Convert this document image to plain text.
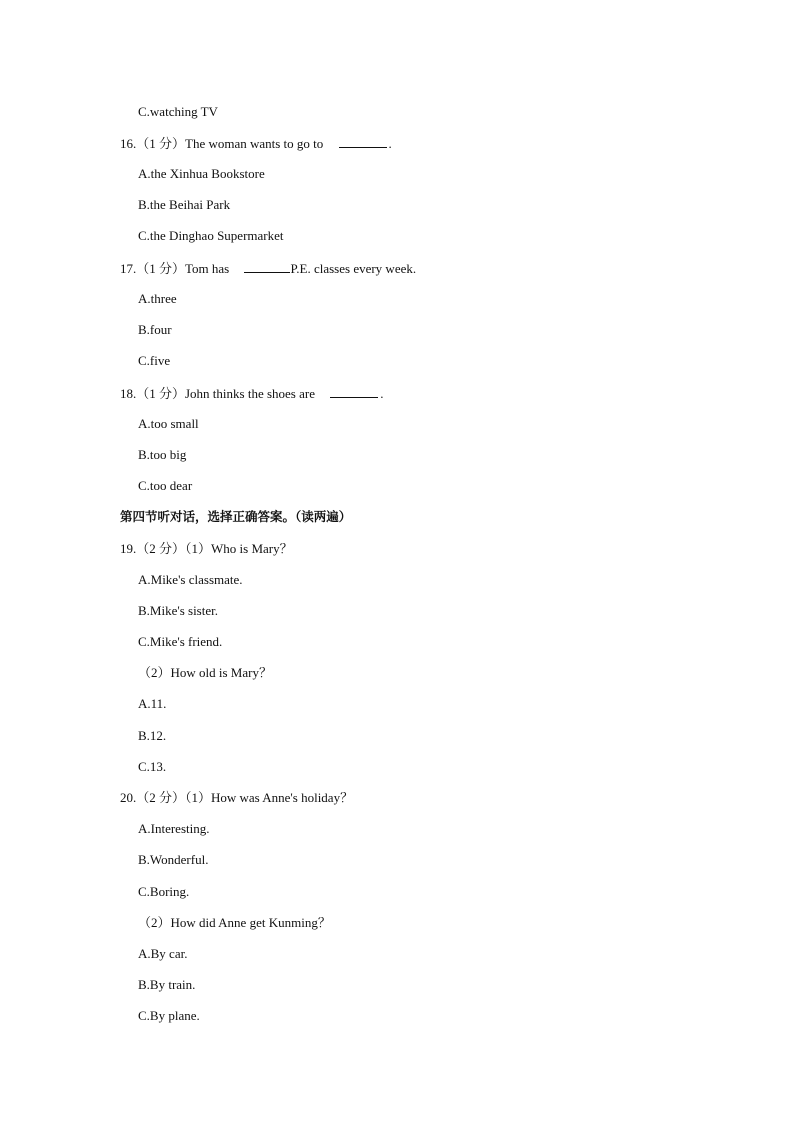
C.watching TV
16.（1 分）The woman wants to go to	.
A.the Xinhua Bookstore
B.the Beihai Park
C.the Dinghao Supermarket
17.（1 分）Tom has	P.E. classes every week.
A.three
B.four
C.five
18.（1 分）John thinks the shoes are	.
A.too small
B.too big
C.too dear
第四节听对话，选择正确答案。（读两遍）
19.（2 分）（1）Who is Mary？
A.Mike's classmate.
B.Mike's sister.
C.Mike's friend.
（2）How old is Mary？
A.11.
B.12.
C.13.
20.（2 分）（1）How was Anne's holiday？
A.Interesting.
B.Wonderful.
C.Boring.
（2）How did Anne get Kunming？
A.By car.
B.By train.
C.By plane.
